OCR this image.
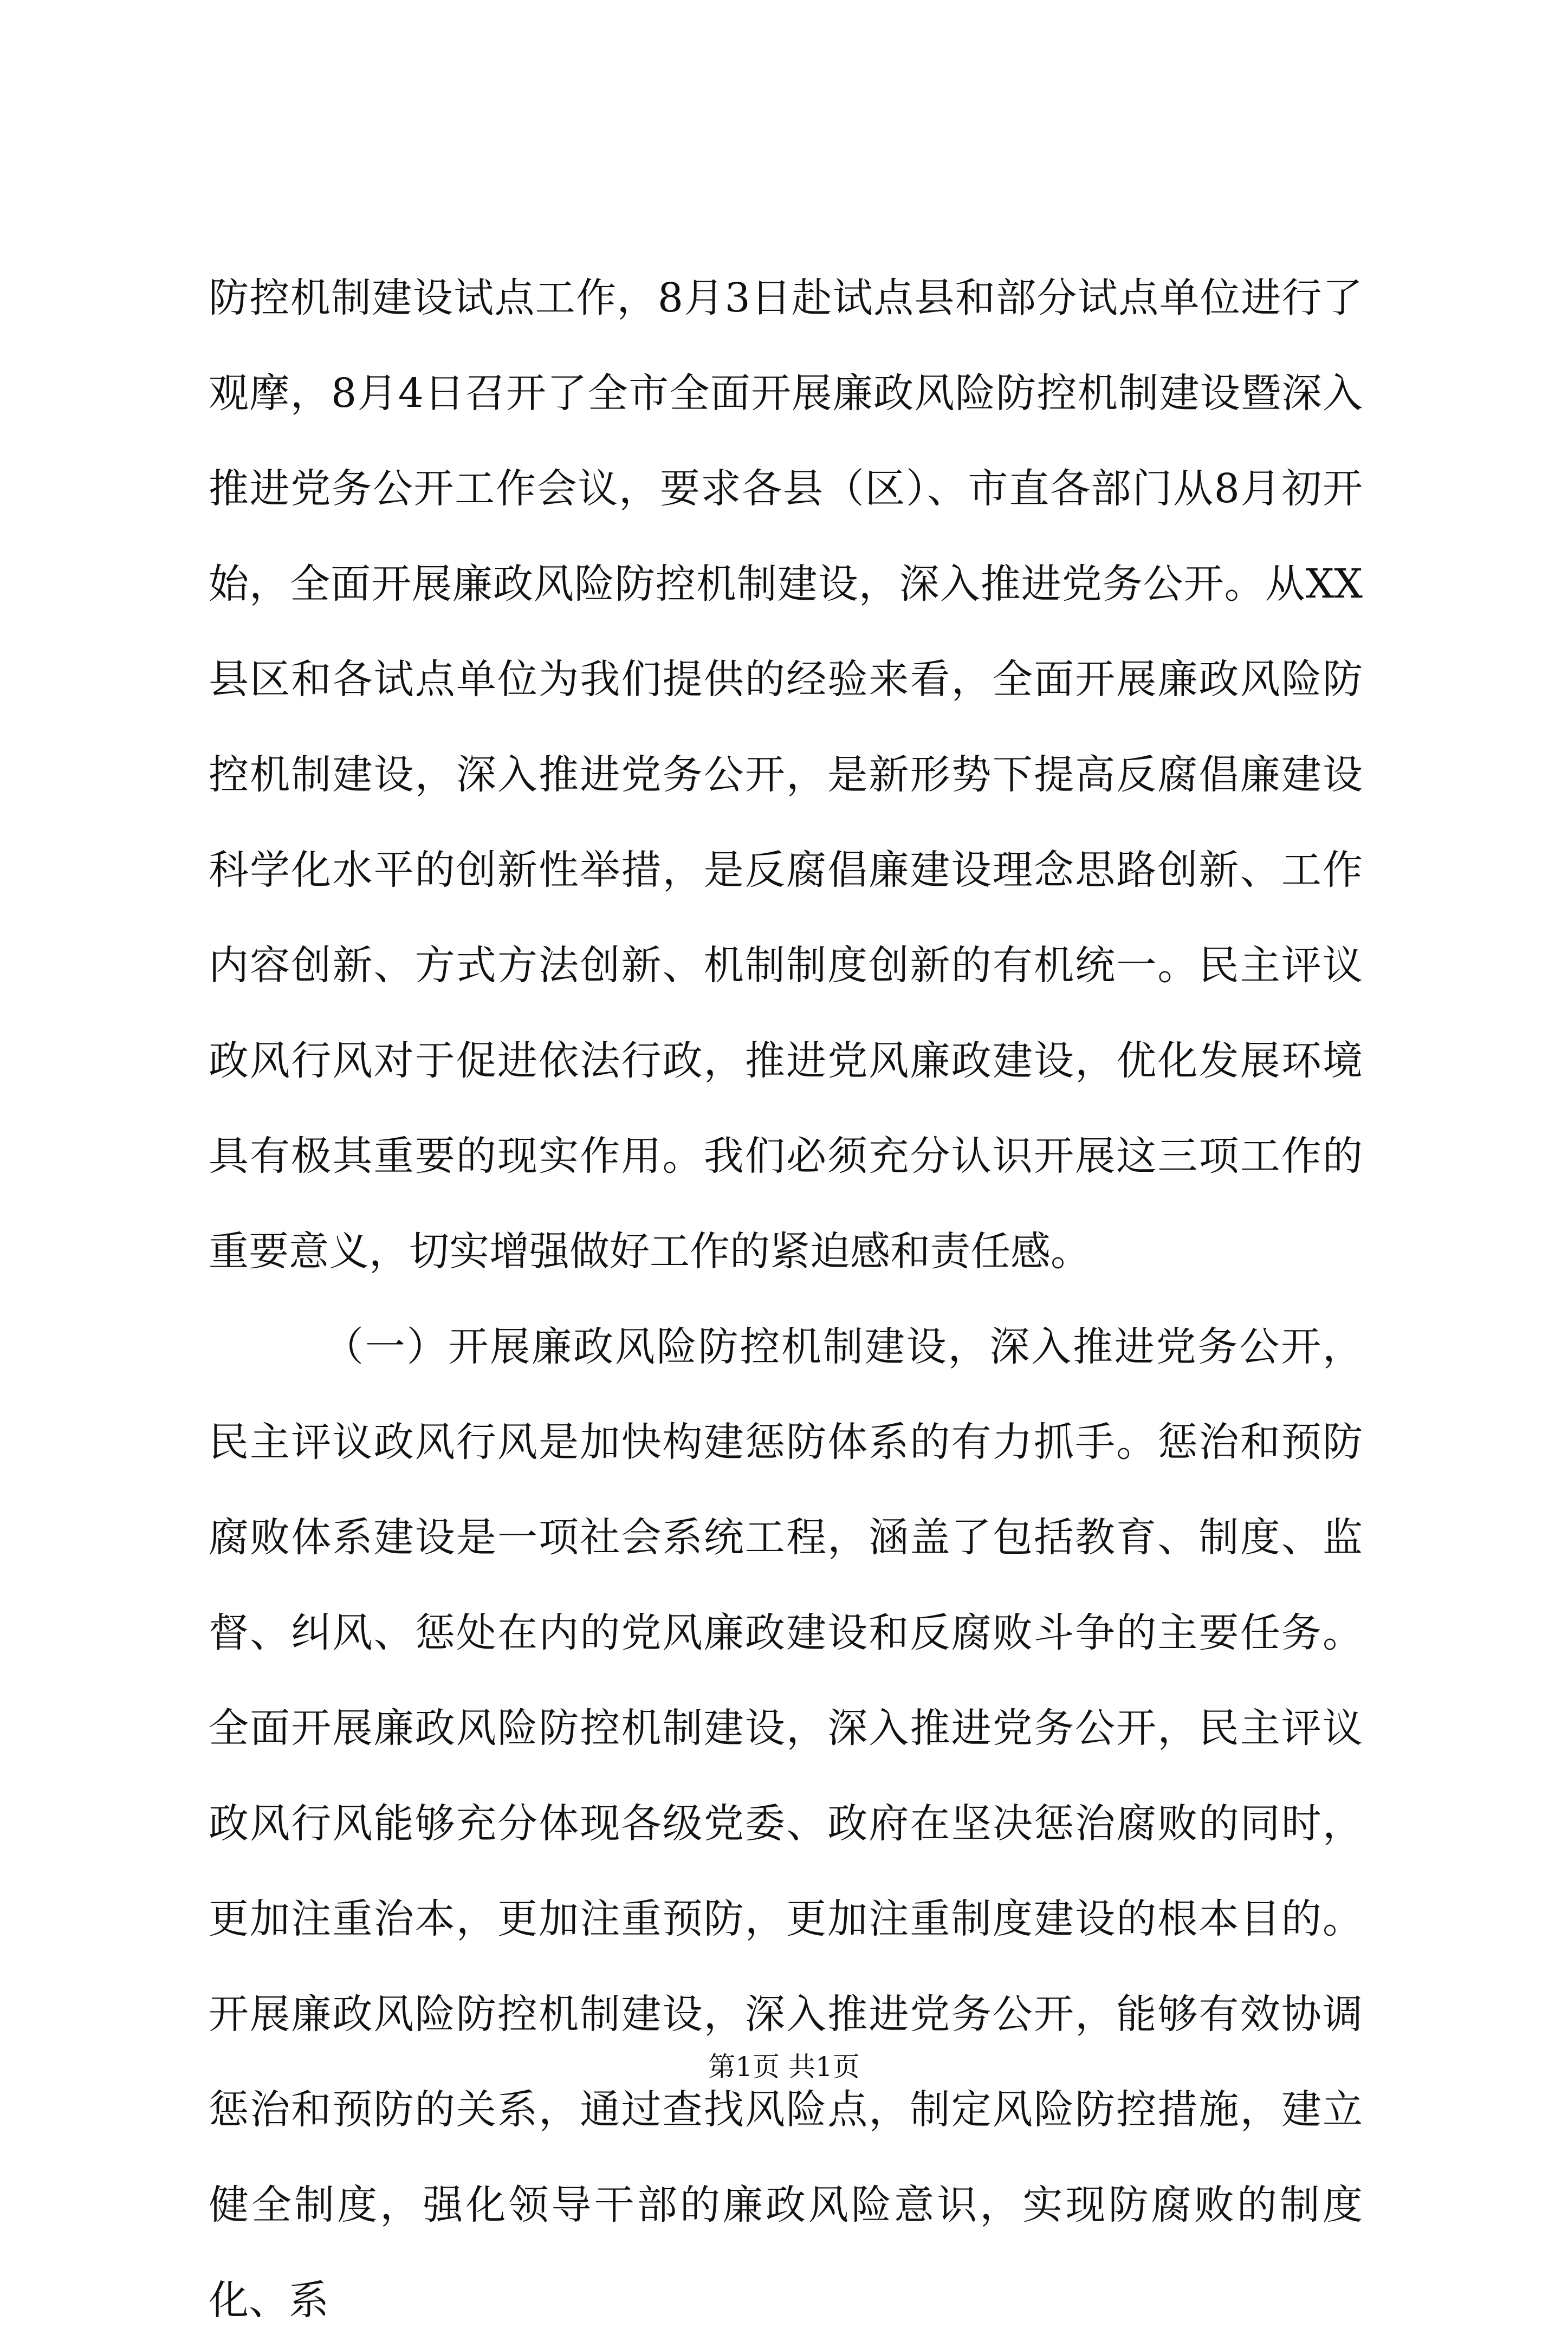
防控机制建设试点工作，8月3日赴试点县和部分试点单位进行了观摩，8月4日召开了全市全面开展廉政风险防控机制建设暨深入推进党务公开工作会议，要求各县（区）、市直各部门从8月初开始，全面开展廉政风险防控机制建设，深入推进党务公开。从XX县区和各试点单位为我们提供的经验来看，全面开展廉政风险防控机制建设，深入推进党务公开，是新形势下提高反腐倡廉建设科学化水平的创新性举措，是反腐倡廉建设理念思路创新、工作内容创新、方式方法创新、机制制度创新的有机统一。民主评议政风行风对于促进依法行政，推进党风廉政建设，优化发展环境具有极其重要的现实作用。我们必须充分认识开展这三项工作的重要意义，切实增强做好工作的紧迫感和责任感。

（一）开展廉政风险防控机制建设，深入推进党务公开，民主评议政风行风是加快构建惩防体系的有力抓手。惩治和预防腐败体系建设是一项社会系统工程，涵盖了包括教育、制度、监督、纠风、惩处在内的党风廉政建设和反腐败斗争的主要任务。全面开展廉政风险防控机制建设，深入推进党务公开，民主评议政风行风能够充分体现各级党委、政府在坚决惩治腐败的同时，更加注重治本，更加注重预防，更加注重制度建设的根本目的。开展廉政风险防控机制建设，深入推进党务公开，能够有效协调惩治和预防的关系，通过查找风险点，制定风险防控措施，建立健全制度，强化领导干部的廉政风险意识，实现防腐败的制度化、系

第1页 共1页
